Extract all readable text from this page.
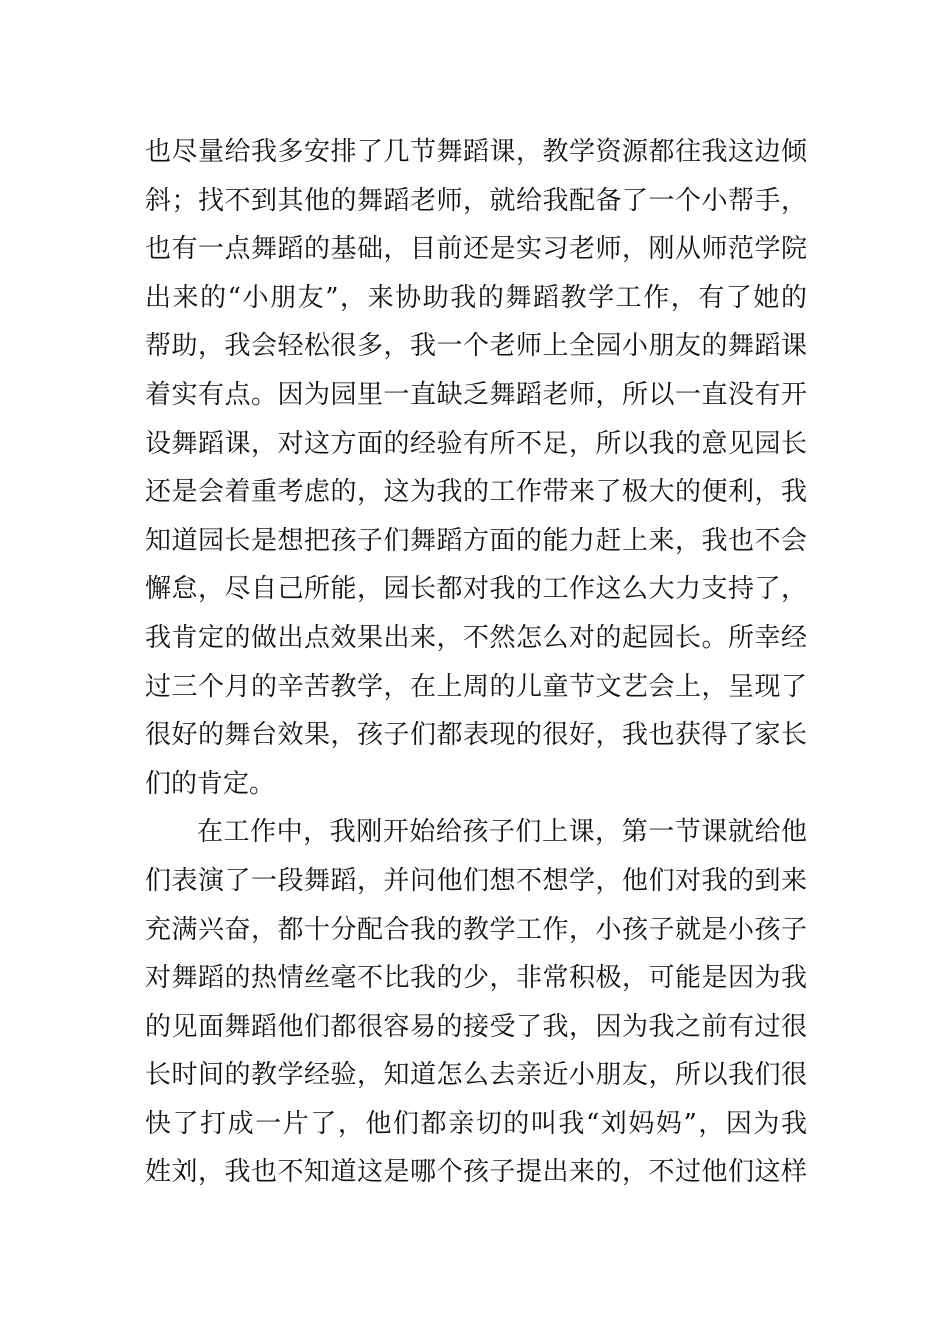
也尽量给我多安排了几节舞蹈课，教学资源都往我这边倾
斜；找不到其他的舞蹈老师，就给我配备了一个小帮手，
也有一点舞蹈的基础，目前还是实习老师，刚从师范学院
出来的“小朋友”，来协助我的舞蹈教学工作，有了她的
帮助，我会轻松很多，我一个老师上全园小朋友的舞蹈课
着实有点。因为园里一直缺乏舞蹈老师，所以一直没有开
设舞蹈课，对这方面的经验有所不足，所以我的意见园长
还是会着重考虑的，这为我的工作带来了极大的便利，我
知道园长是想把孩子们舞蹈方面的能力赶上来，我也不会
懈怠，尽自己所能，园长都对我的工作这么大力支持了，
我肯定的做出点效果出来，不然怎么对的起园长。所幸经
过三个月的辛苦教学，在上周的儿童节文艺会上，呈现了
很好的舞台效果，孩子们都表现的很好，我也获得了家长
们的肯定。

在工作中，我刚开始给孩子们上课，第一节课就给他
们表演了一段舞蹈，并问他们想不想学，他们对我的到来
充满兴奋，都十分配合我的教学工作，小孩子就是小孩子
对舞蹈的热情丝毫不比我的少，非常积极，可能是因为我
的见面舞蹈他们都很容易的接受了我，因为我之前有过很
长时间的教学经验，知道怎么去亲近小朋友，所以我们很
快了打成一片了，他们都亲切的叫我“刘妈妈”，因为我
姓刘，我也不知道这是哪个孩子提出来的，不过他们这样
